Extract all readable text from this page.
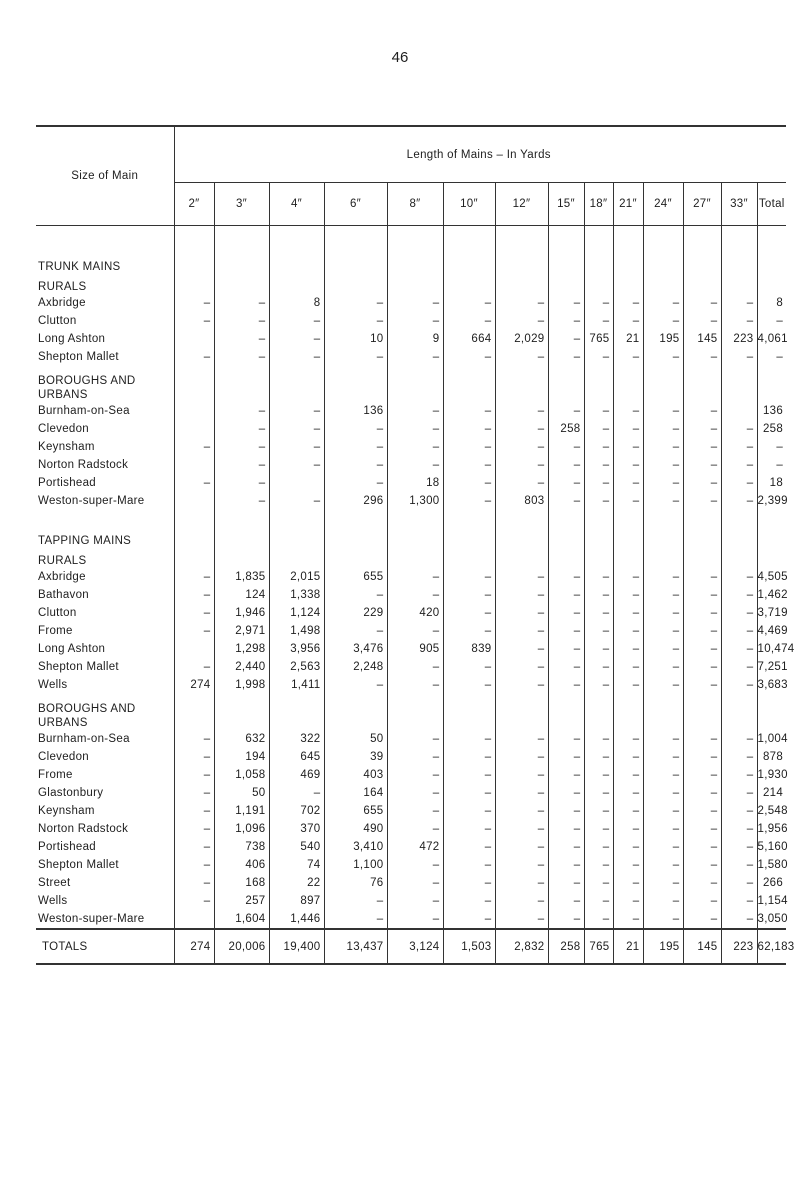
46
Size of Main	Length of Mains – In Yards													
	2″	3″	4″	6″	8″	10″	12″	15″	18″	21″	24″	27″	33″	Total

TRUNK MAINS														
RURALS														
Axbridge	–	–	8	–	–	–	–	–	–	–	–	–	–	8
Clutton	–	–	–	–	–	–	–	–	–	–	–	–	–	–
Long Ashton		–	–	10	9	664	2,029	–	765	21	195	145	223	4,061
Shepton Mallet	–	–	–	–	–	–	–	–	–	–	–	–	–	–
BOROUGHS AND URBANS														
Burnham-on-Sea		–	–	136	–	–	–	–	–	–	–	–		136
Clevedon		–	–	–	–	–	–	258	–	–	–	–	–	258
Keynsham	–	–	–	–	–	–	–	–	–	–	–	–	–	–
Norton Radstock		–	–	–	–	–	–	–	–	–	–	–	–	–
Portishead	–	–		–	18	–	–	–	–	–	–	–	–	18
Weston-super-Mare		–	–	296	1,300	–	803	–	–	–	–	–	–	2,399

TAPPING MAINS														
RURALS														
Axbridge	–	1,835	2,015	655	–	–	–	–	–	–	–	–	–	4,505
Bathavon	–	124	1,338	–	–	–	–	–	–	–	–	–	–	1,462
Clutton	–	1,946	1,124	229	420	–	–	–	–	–	–	–	–	3,719
Frome	–	2,971	1,498	–	–	–	–	–	–	–	–	–	–	4,469
Long Ashton		1,298	3,956	3,476	905	839	–	–	–	–	–	–	–	10,474
Shepton Mallet	–	2,440	2,563	2,248	–	–	–	–	–	–	–	–	–	7,251
Wells	274	1,998	1,411	–	–	–	–	–	–	–	–	–	–	3,683
BOROUGHS AND URBANS														
Burnham-on-Sea	–	632	322	50	–	–	–	–	–	–	–	–	–	1,004
Clevedon	–	194	645	39	–	–	–	–	–	–	–	–	–	878
Frome	–	1,058	469	403	–	–	–	–	–	–	–	–	–	1,930
Glastonbury	–	50	–	164	–	–	–	–	–	–	–	–	–	214
Keynsham	–	1,191	702	655	–	–	–	–	–	–	–	–	–	2,548
Norton Radstock	–	1,096	370	490	–	–	–	–	–	–	–	–	–	1,956
Portishead	–	738	540	3,410	472	–	–	–	–	–	–	–	–	5,160
Shepton Mallet	–	406	74	1,100	–	–	–	–	–	–	–	–	–	1,580
Street	–	168	22	76	–	–	–	–	–	–	–	–	–	266
Wells	–	257	897	–	–	–	–	–	–	–	–	–	–	1,154
Weston-super-Mare		1,604	1,446	–	–	–	–	–	–	–	–	–	–	3,050
TOTALS	274	20,006	19,400	13,437	3,124	1,503	2,832	258	765	21	195	145	223	62,183
